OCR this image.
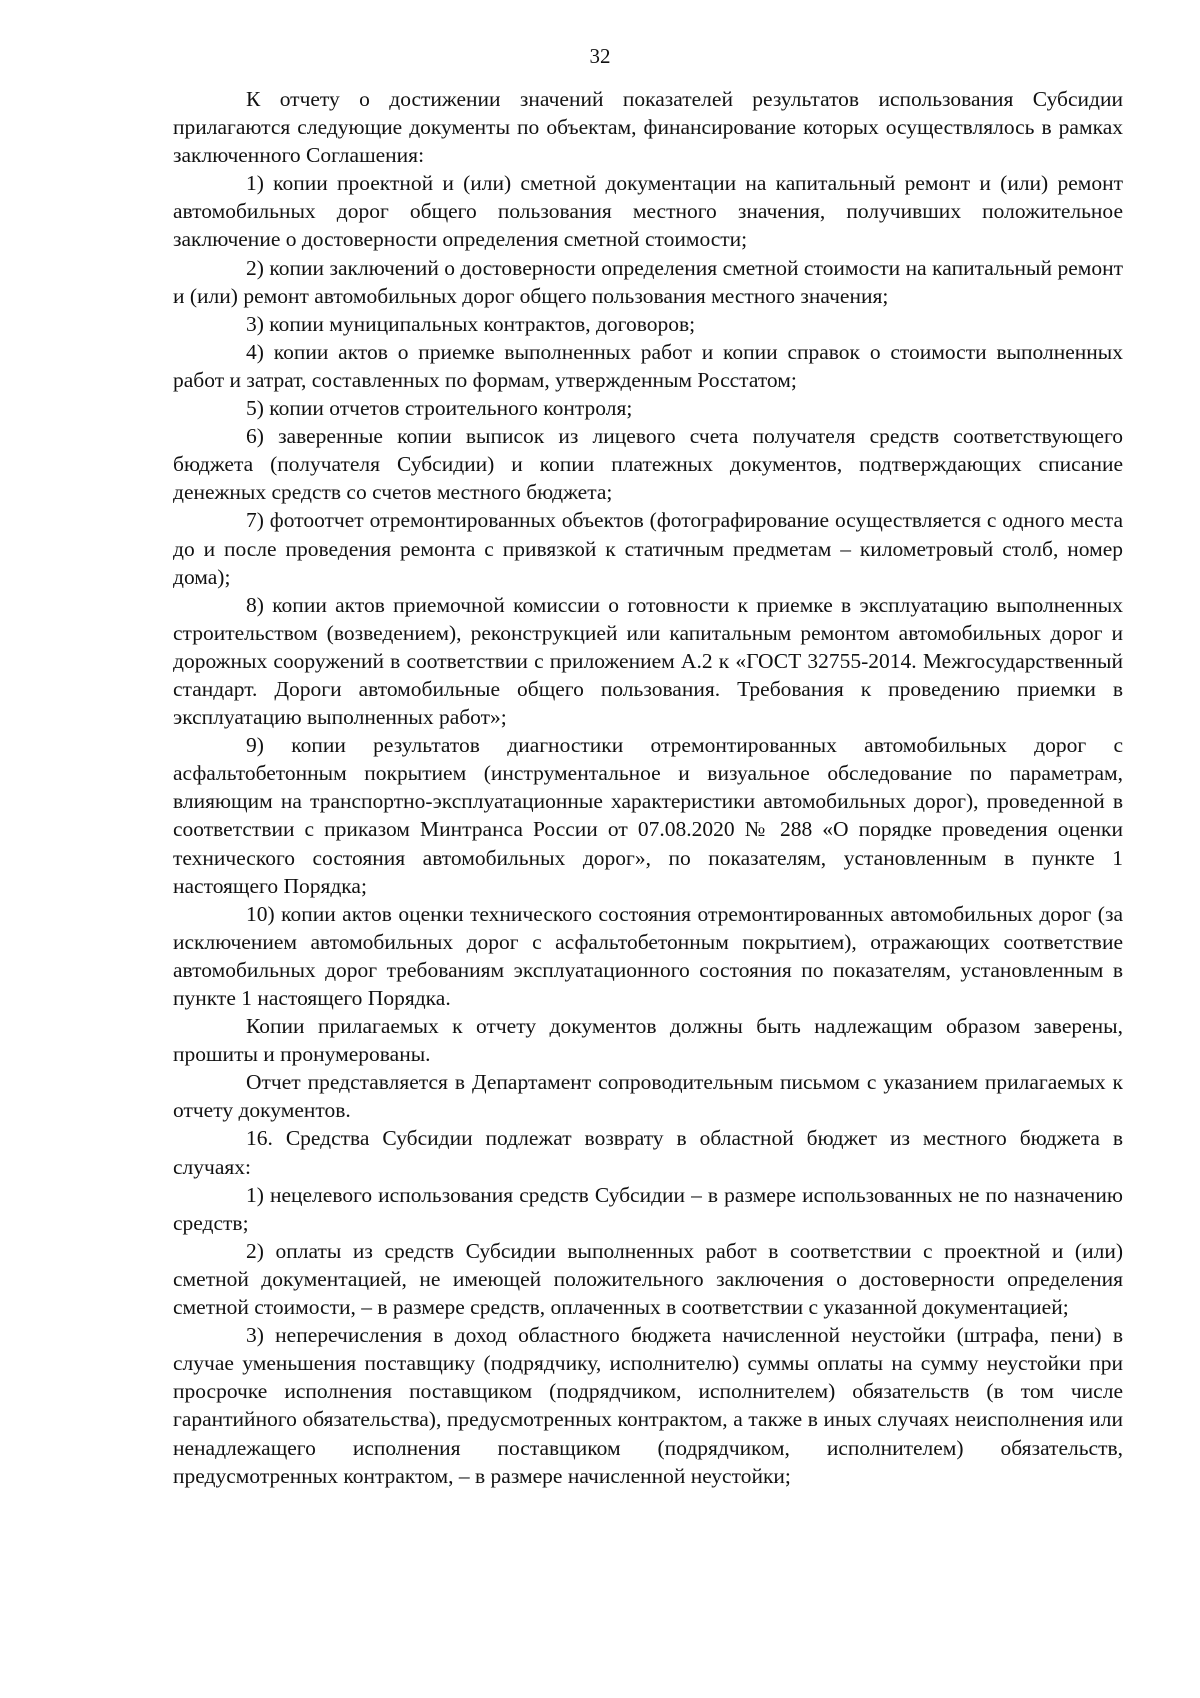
32

К отчету о достижении значений показателей результатов использования Субсидии прилагаются следующие документы по объектам, финансирование которых осуществлялось в рамках заключенного Соглашения:

1) копии проектной и (или) сметной документации на капитальный ремонт и (или) ремонт автомобильных дорог общего пользования местного значения, получивших положительное заключение о достоверности определения сметной стоимости;

2) копии заключений о достоверности определения сметной стоимости на капитальный ремонт и (или) ремонт автомобильных дорог общего пользования местного значения;

3) копии муниципальных контрактов, договоров;

4) копии актов о приемке выполненных работ и копии справок о стоимости выполненных работ и затрат, составленных по формам, утвержденным Росстатом;

5) копии отчетов строительного контроля;

6) заверенные копии выписок из лицевого счета получателя средств соответствующего бюджета (получателя Субсидии) и копии платежных документов, подтверждающих списание денежных средств со счетов местного бюджета;

7) фотоотчет отремонтированных объектов (фотографирование осуществляется с одного места до и после проведения ремонта с привязкой к статичным предметам – километровый столб, номер дома);

8) копии актов приемочной комиссии о готовности к приемке в эксплуатацию выполненных строительством (возведением), реконструкцией или капитальным ремонтом автомобильных дорог и дорожных сооружений в соответствии с приложением А.2 к «ГОСТ 32755-2014. Межгосударственный стандарт. Дороги автомобильные общего пользования. Требования к проведению приемки в эксплуатацию выполненных работ»;

9) копии результатов диагностики отремонтированных автомобильных дорог с асфальтобетонным покрытием (инструментальное и визуальное обследование по параметрам, влияющим на транспортно-эксплуатационные характеристики автомобильных дорог), проведенной в соответствии с приказом Минтранса России от 07.08.2020 № 288 «О порядке проведения оценки технического состояния автомобильных дорог», по показателям, установленным в пункте 1 настоящего Порядка;

10) копии актов оценки технического состояния отремонтированных автомобильных дорог (за исключением автомобильных дорог с асфальтобетонным покрытием), отражающих соответствие автомобильных дорог требованиям эксплуатационного состояния по показателям, установленным в пункте 1 настоящего Порядка.

Копии прилагаемых к отчету документов должны быть надлежащим образом заверены, прошиты и пронумерованы.

Отчет представляется в Департамент сопроводительным письмом с указанием прилагаемых к отчету документов.

16. Средства Субсидии подлежат возврату в областной бюджет из местного бюджета в случаях:

1) нецелевого использования средств Субсидии – в размере использованных не по назначению средств;

2) оплаты из средств Субсидии выполненных работ в соответствии с проектной и (или) сметной документацией, не имеющей положительного заключения о достоверности определения сметной стоимости, – в размере средств, оплаченных в соответствии с указанной документацией;

3) неперечисления в доход областного бюджета начисленной неустойки (штрафа, пени) в случае уменьшения поставщику (подрядчику, исполнителю) суммы оплаты на сумму неустойки при просрочке исполнения поставщиком (подрядчиком, исполнителем) обязательств (в том числе гарантийного обязательства), предусмотренных контрактом, а также в иных случаях неисполнения или ненадлежащего исполнения поставщиком (подрядчиком, исполнителем) обязательств, предусмотренных контрактом, – в размере начисленной неустойки;
